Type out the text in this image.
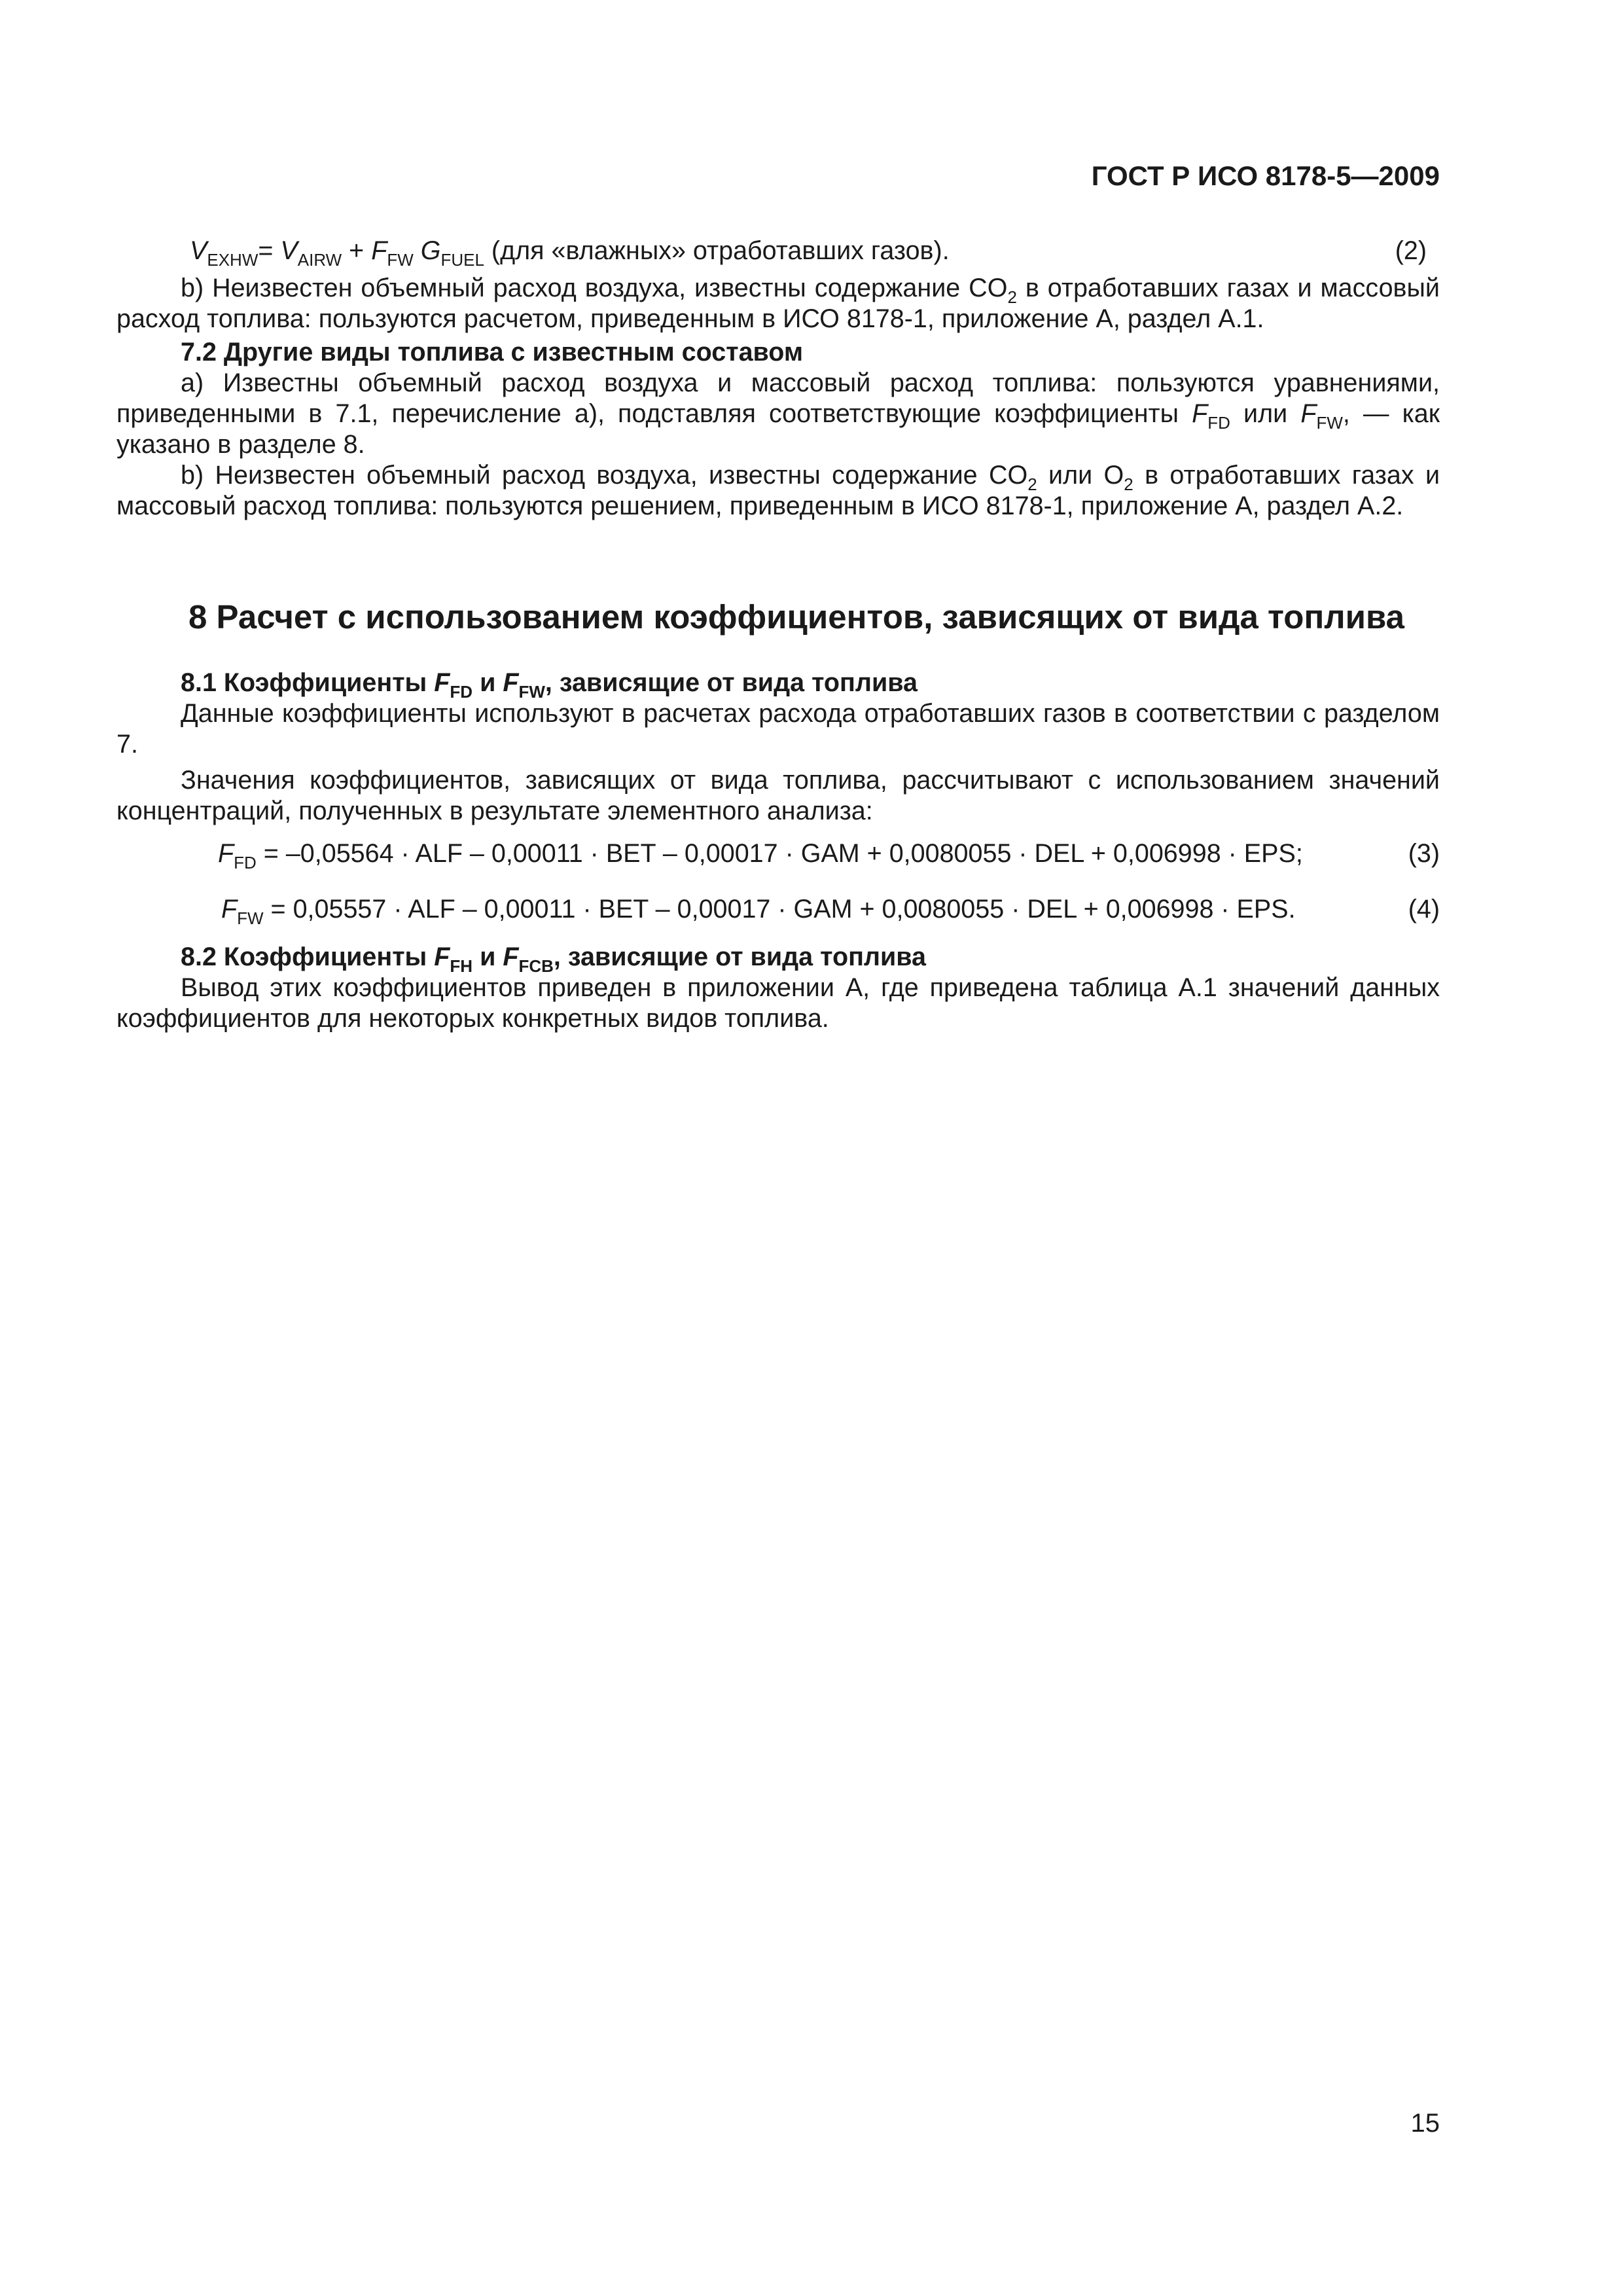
ГОСТ Р ИСО 8178-5—2009
$V_{EXHW}= V_{AIRW} + F_{FW}$ $G_{FUEL}$ (для «влажных» отработавших газов).	(2)

b) Неизвестен объемный расход воздуха, известны содержание $CO_2$ в отработавших газах и массовый расход топлива: пользуются расчетом, приведенным в ИСО 8178-1, приложение А, раздел А.1.

7.2 Другие виды топлива с известным составом

а) Известны объемный расход воздуха и массовый расход топлива: пользуются уравнениями, приведенными в 7.1, перечисление а), подставляя соответствующие коэффициенты $F_{FD}$ или $F_{FW}$, — как указано в разделе 8.

b) Неизвестен объемный расход воздуха, известны содержание $CO_2$ или $O_2$ в отработавших газах и массовый расход топлива: пользуются решением, приведенным в ИСО 8178-1, приложение А, раздел А.2.

8 Расчет с использованием коэффициентов, зависящих от вида топлива

8.1 Коэффициенты $F_{FD}$ и $F_{FW}$, зависящие от вида топлива

Данные коэффициенты используют в расчетах расхода отработавших газов в соответствии с разделом 7.

Значения коэффициентов, зависящих от вида топлива, рассчитывают с использованием значений концентраций, полученных в результате элементного анализа:

$F_{FD} = -0,05564$ · ALF – 0,00011 · BET – 0,00017 · GAM + 0,0080055 · DEL + 0,006998 · EPS;	(3)
$F_{FW} = 0,05557$ · ALF – 0,00011 · BET – 0,00017 · GAM + 0,0080055 · DEL + 0,006998 · EPS.	(4)

8.2 Коэффициенты $F_{FH}$ и $F_{FCB}$, зависящие от вида топлива

Вывод этих коэффициентов приведен в приложении А, где приведена таблица А.1 значений данных коэффициентов для некоторых конкретных видов топлива.

15
